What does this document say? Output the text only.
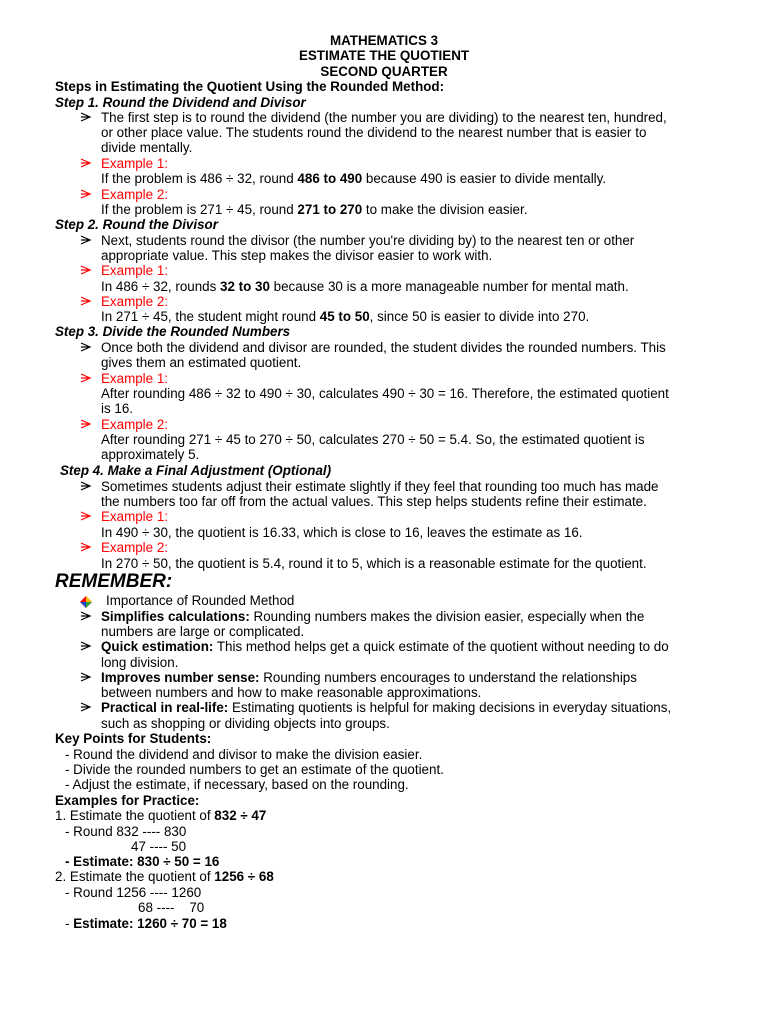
MATHEMATICS 3
ESTIMATE THE QUOTIENT
SECOND QUARTER
Steps in Estimating the Quotient Using the Rounded Method:
Step 1. Round the Dividend and Divisor
The first step is to round the dividend (the number you are dividing) to the nearest ten, hundred,
or other place value. The students round the dividend to the nearest number that is easier to
divide mentally.
Example 1:
If the problem is 486 ÷ 32, round 486 to 490 because 490 is easier to divide mentally.
Example 2:
If the problem is 271 ÷ 45, round 271 to 270 to make the division easier.
Step 2. Round the Divisor
Next, students round the divisor (the number you're dividing by) to the nearest ten or other
appropriate value. This step makes the divisor easier to work with.
Example 1:
In 486 ÷ 32, rounds 32 to 30 because 30 is a more manageable number for mental math.
Example 2:
In 271 ÷ 45, the student might round 45 to 50, since 50 is easier to divide into 270.
Step 3. Divide the Rounded Numbers
Once both the dividend and divisor are rounded, the student divides the rounded numbers. This
gives them an estimated quotient.
Example 1:
After rounding 486 ÷ 32 to 490 ÷ 30, calculates 490 ÷ 30 = 16. Therefore, the estimated quotient
is 16.
Example 2:
After rounding 271 ÷ 45 to 270 ÷ 50, calculates 270 ÷ 50 = 5.4. So, the estimated quotient is
approximately 5.
Step 4. Make a Final Adjustment (Optional)
Sometimes students adjust their estimate slightly if they feel that rounding too much has made
the numbers too far off from the actual values. This step helps students refine their estimate.
Example 1:
In 490 ÷ 30, the quotient is 16.33, which is close to 16, leaves the estimate as 16.
Example 2:
In 270 ÷ 50, the quotient is 5.4, round it to 5, which is a reasonable estimate for the quotient.
REMEMBER:
Importance of Rounded Method
Simplifies calculations: Rounding numbers makes the division easier, especially when the
numbers are large or complicated.
Quick estimation: This method helps get a quick estimate of the quotient without needing to do
long division.
Improves number sense: Rounding numbers encourages to understand the relationships
between numbers and how to make reasonable approximations.
Practical in real-life: Estimating quotients is helpful for making decisions in everyday situations,
such as shopping or dividing objects into groups.
Key Points for Students:
- Round the dividend and divisor to make the division easier.
- Divide the rounded numbers to get an estimate of the quotient.
- Adjust the estimate, if necessary, based on the rounding.
Examples for Practice:
1. Estimate the quotient of 832 ÷ 47
- Round 832 ---- 830
47 ---- 50
- Estimate: 830 ÷ 50 = 16
2. Estimate the quotient of 1256 ÷ 68
- Round 1256 ---- 1260
68 ----    70
- Estimate: 1260 ÷ 70 = 18
